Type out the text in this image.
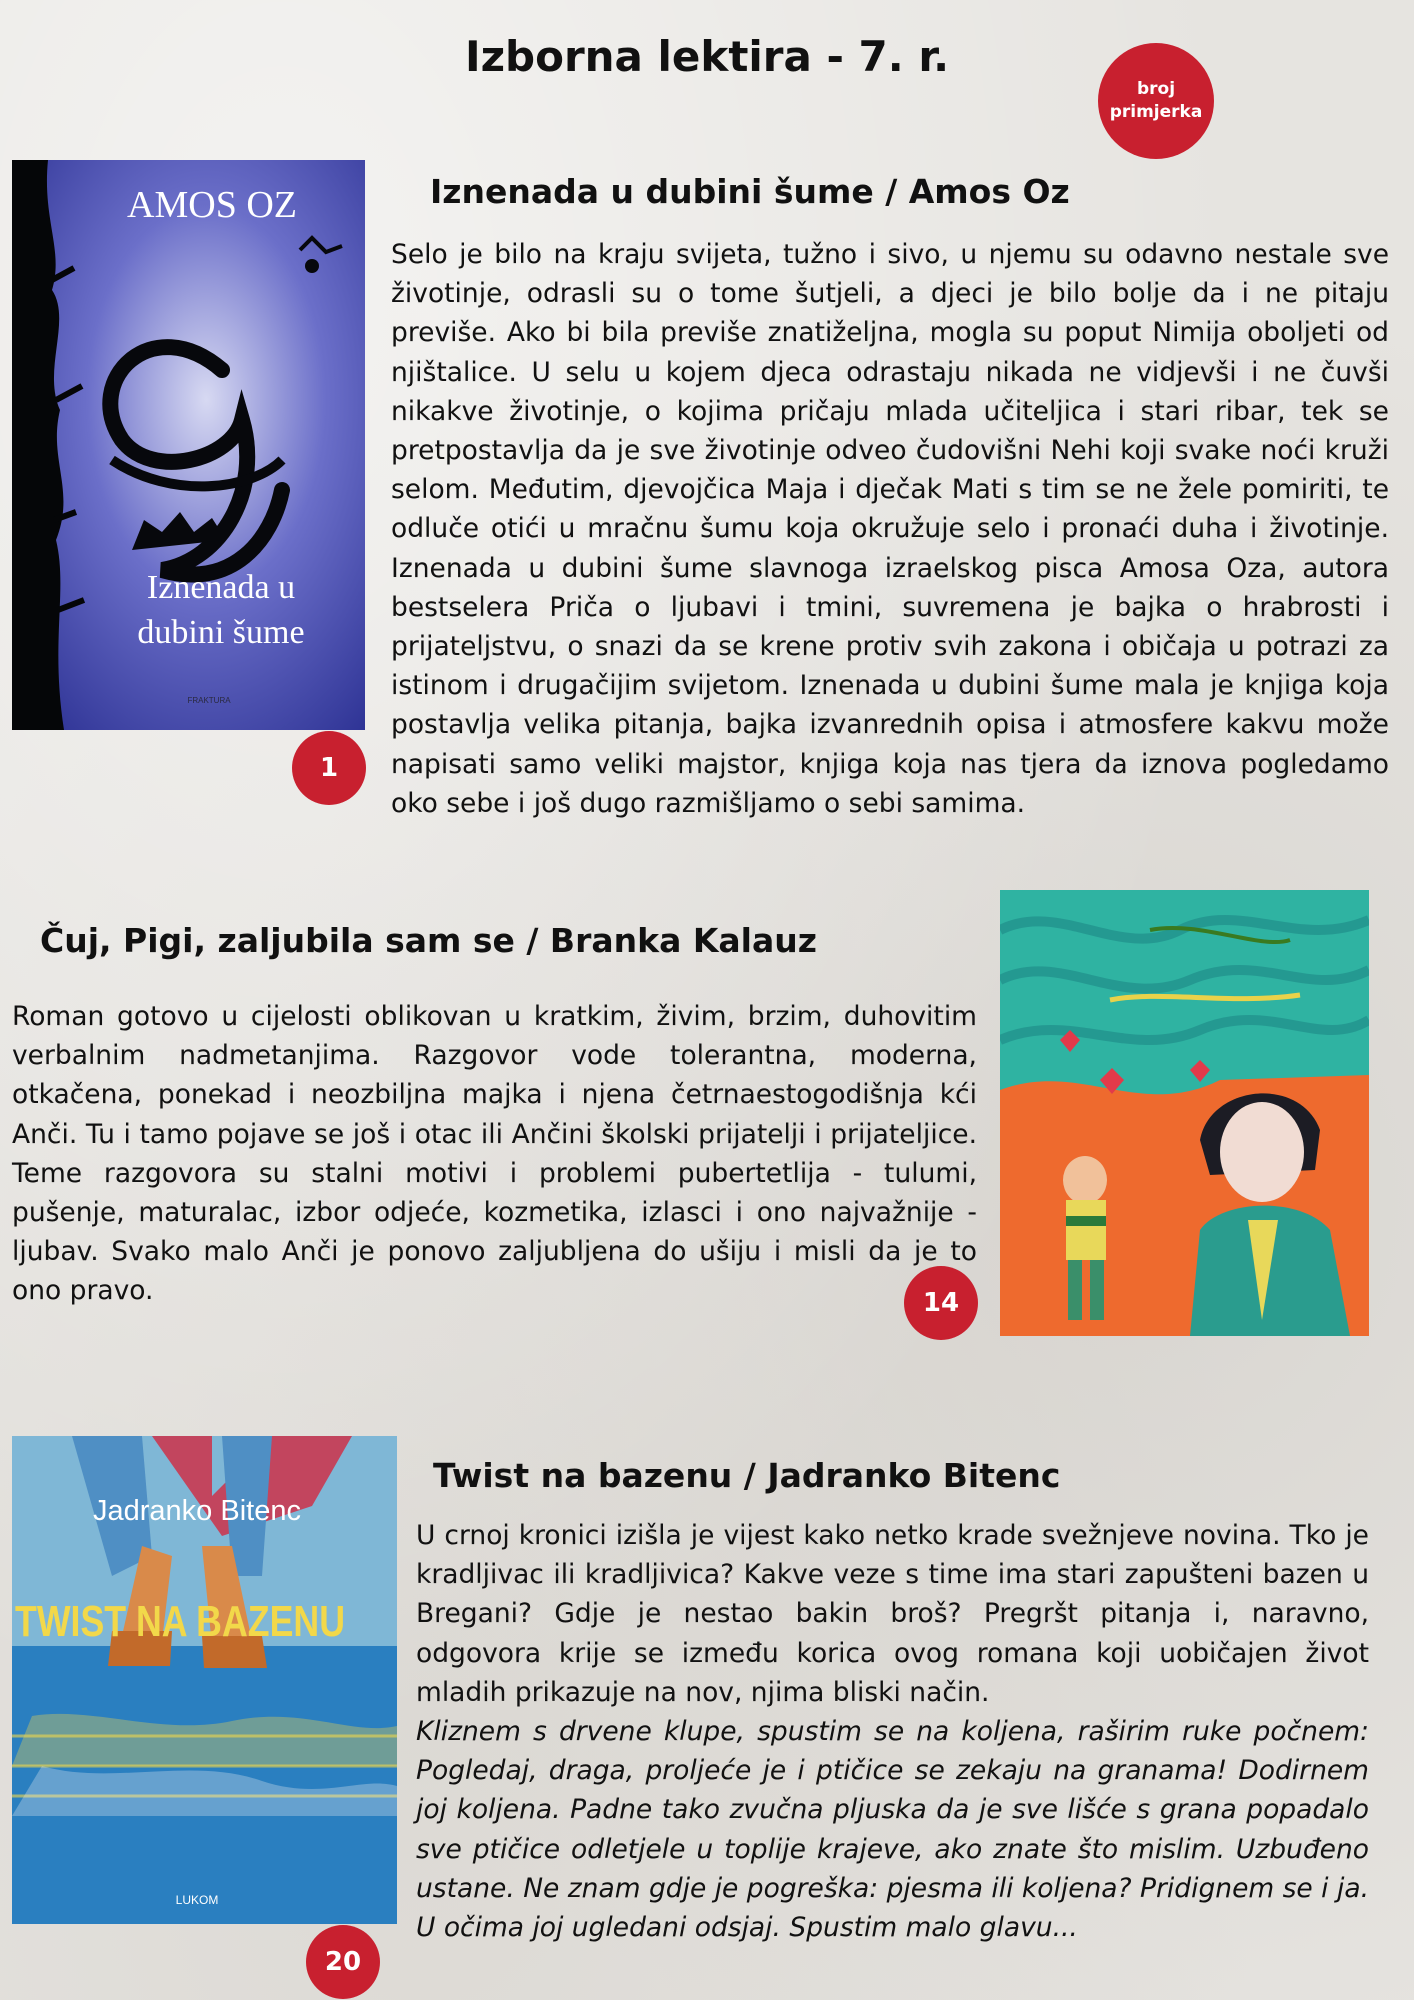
Izborna lektira - 7. r.
broj
primjerka
AMOS OZ
Iznenada u
dubini šume
FRAKTURA
1
Iznenada u dubini šume / Amos Oz

Selo je bilo na kraju svijeta, tužno i sivo, u njemu su odavno nestale sve životinje, odrasli su o tome šutjeli, a djeci je bilo bolje da i ne pitaju previše. Ako bi bila previše znatiželjna, mogla su poput Nimija oboljeti od njištalice. U selu u kojem djeca odrastaju nikada ne vidjevši i ne čuvši nikakve životinje, o kojima pričaju mlada učiteljica i stari ribar, tek se pretpostavlja da je sve životinje odveo čudovišni Nehi koji svake noći kruži selom. Međutim, djevojčica Maja i dječak Mati s tim se ne žele pomiriti, te odluče otići u mračnu šumu koja okružuje selo i pronaći duha i životinje. Iznenada u dubini šume slavnoga izraelskog pisca Amosa Oza, autora bestselera Priča o ljubavi i tmini, suvremena je bajka o hrabrosti i prijateljstvu, o snazi da se krene protiv svih zakona i običaja u potrazi za istinom i drugačijim svijetom. Iznenada u dubini šume mala je knjiga koja postavlja velika pitanja, bajka izvanrednih opisa i atmosfere kakvu može napisati samo veliki majstor, knjiga koja nas tjera da iznova pogledamo oko sebe i još dugo razmišljamo o sebi samima.

Čuj, Pigi, zaljubila sam se / Branka Kalauz

Roman gotovo u cijelosti oblikovan u kratkim, živim, brzim, duhovitim verbalnim nadmetanjima. Razgovor vode tolerantna, moderna, otkačena, ponekad i neozbiljna majka i njena četrnaestogodišnja kći Anči. Tu i tamo pojave se još i otac ili Ančini školski prijatelji i prijateljice. Teme razgovora su stalni motivi i problemi pubertetlija - tulumi, pušenje, maturalac, izbor odjeće, kozmetika, izlasci i ono najvažnije - ljubav. Svako malo Anči je ponovo zaljubljena do ušiju i misli da je to ono pravo.	14
Jadranko Bitenc
TWIST NA BAZENU
LUKOM
20
Twist na bazenu / Jadranko Bitenc

U crnoj kronici izišla je vijest kako netko krade svežnjeve novina. Tko je kradljivac ili kradljivica? Kakve veze s time ima stari zapušteni bazen u Bregani? Gdje je nestao bakin broš? Pregršt pitanja i, naravno, odgovora krije se između korica ovog romana koji uobičajen život mladih prikazuje na nov, njima bliski način.

Kliznem s drvene klupe, spustim se na koljena, raširim ruke počnem: Pogledaj, draga, proljeće je i ptičice se zekaju na granama! Dodirnem joj koljena. Padne tako zvučna pljuska da je sve lišće s grana popadalo sve ptičice odletjele u toplije krajeve, ako znate što mislim. Uzbuđeno ustane. Ne znam gdje je pogreška: pjesma ili koljena? Pridignem se i ja. U očima joj ugledani odsjaj. Spustim malo glavu...
